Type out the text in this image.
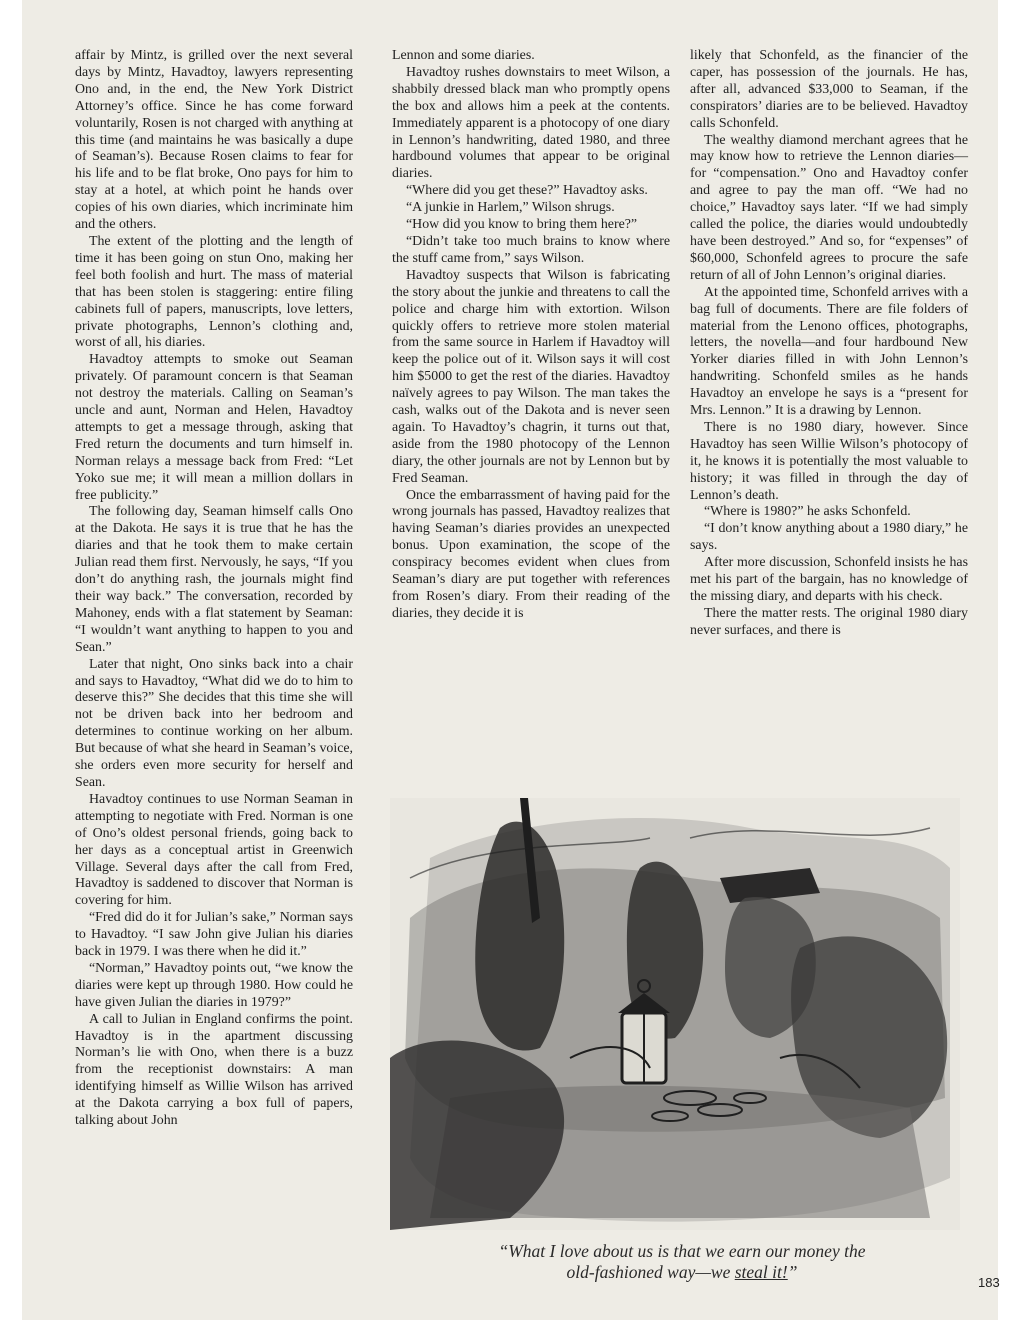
affair by Mintz, is grilled over the next several days by Mintz, Havadtoy, lawyers representing Ono and, in the end, the New York District Attorney’s office. Since he has come forward voluntarily, Rosen is not charged with anything at this time (and maintains he was basically a dupe of Seaman’s). Because Rosen claims to fear for his life and to be flat broke, Ono pays for him to stay at a hotel, at which point he hands over copies of his own diaries, which incriminate him and the others.

The extent of the plotting and the length of time it has been going on stun Ono, making her feel both foolish and hurt. The mass of material that has been stolen is staggering: entire filing cabinets full of papers, manuscripts, love letters, private photographs, Lennon’s clothing and, worst of all, his diaries.

Havadtoy attempts to smoke out Seaman privately. Of paramount concern is that Seaman not destroy the materials. Calling on Seaman’s uncle and aunt, Norman and Helen, Havadtoy attempts to get a message through, asking that Fred return the documents and turn himself in. Norman relays a message back from Fred: “Let Yoko sue me; it will mean a million dollars in free publicity.”

The following day, Seaman himself calls Ono at the Dakota. He says it is true that he has the diaries and that he took them to make certain Julian read them first. Nervously, he says, “If you don’t do anything rash, the journals might find their way back.” The conversation, recorded by Mahoney, ends with a flat statement by Seaman: “I wouldn’t want anything to happen to you and Sean.”

Later that night, Ono sinks back into a chair and says to Havadtoy, “What did we do to him to deserve this?” She decides that this time she will not be driven back into her bedroom and determines to continue working on her album. But because of what she heard in Seaman’s voice, she orders even more security for herself and Sean.

Havadtoy continues to use Norman Seaman in attempting to negotiate with Fred. Norman is one of Ono’s oldest personal friends, going back to her days as a conceptual artist in Greenwich Village. Several days after the call from Fred, Havadtoy is saddened to discover that Norman is covering for him.

“Fred did do it for Julian’s sake,” Norman says to Havadtoy. “I saw John give Julian his diaries back in 1979. I was there when he did it.”

“Norman,” Havadtoy points out, “we know the diaries were kept up through 1980. How could he have given Julian the diaries in 1979?”

A call to Julian in England confirms the point. Havadtoy is in the apartment discussing Norman’s lie with Ono, when there is a buzz from the receptionist downstairs: A man identifying himself as Willie Wilson has arrived at the Dakota carrying a box full of papers, talking about John

Lennon and some diaries.

Havadtoy rushes downstairs to meet Wilson, a shabbily dressed black man who promptly opens the box and allows him a peek at the contents. Immediately apparent is a photocopy of one diary in Lennon’s handwriting, dated 1980, and three hardbound volumes that appear to be original diaries.

“Where did you get these?” Havadtoy asks.

“A junkie in Harlem,” Wilson shrugs.

“How did you know to bring them here?”

“Didn’t take too much brains to know where the stuff came from,” says Wilson.

Havadtoy suspects that Wilson is fabricating the story about the junkie and threatens to call the police and charge him with extortion. Wilson quickly offers to retrieve more stolen material from the same source in Harlem if Havadtoy will keep the police out of it. Wilson says it will cost him $5000 to get the rest of the diaries. Havadtoy naïvely agrees to pay Wilson. The man takes the cash, walks out of the Dakota and is never seen again. To Havadtoy’s chagrin, it turns out that, aside from the 1980 photocopy of the Lennon diary, the other journals are not by Lennon but by Fred Seaman.

Once the embarrassment of having paid for the wrong journals has passed, Havadtoy realizes that having Seaman’s diaries provides an unexpected bonus. Upon examination, the scope of the conspiracy becomes evident when clues from Seaman’s diary are put together with references from Rosen’s diary. From their reading of the diaries, they decide it is

likely that Schonfeld, as the financier of the caper, has possession of the journals. He has, after all, advanced $33,000 to Seaman, if the conspirators’ diaries are to be believed. Havadtoy calls Schonfeld.

The wealthy diamond merchant agrees that he may know how to retrieve the Lennon diaries—for “compensation.” Ono and Havadtoy confer and agree to pay the man off. “We had no choice,” Havadtoy says later. “If we had simply called the police, the diaries would undoubtedly have been destroyed.” And so, for “expenses” of $60,000, Schonfeld agrees to procure the safe return of all of John Lennon’s original diaries.

At the appointed time, Schonfeld arrives with a bag full of documents. There are file folders of material from the Lenono offices, photographs, letters, the novella—and four hardbound New Yorker diaries filled in with John Lennon’s handwriting. Schonfeld smiles as he hands Havadtoy an envelope he says is a “present for Mrs. Lennon.” It is a drawing by Lennon.

There is no 1980 diary, however. Since Havadtoy has seen Willie Wilson’s photocopy of it, he knows it is potentially the most valuable to history; it was filled in through the day of Lennon’s death.

“Where is 1980?” he asks Schonfeld.

“I don’t know anything about a 1980 diary,” he says.

After more discussion, Schonfeld insists he has met his part of the bargain, has no knowledge of the missing diary, and departs with his check.

There the matter rests. The original 1980 diary never surfaces, and there is

“What I love about us is that we earn our money the
old-fashioned way—we steal it!”
183
